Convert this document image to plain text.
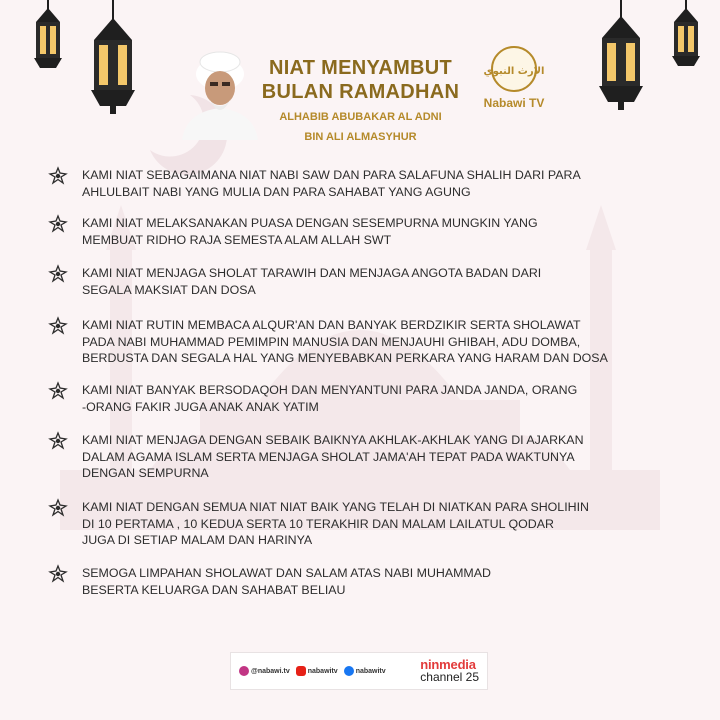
NIAT MENYAMBUT
BULAN RAMADHAN
ALHABIB ABUBAKAR AL ADNI
BIN ALI ALMASYHUR
الإرث النبوي
Nabawi TV
KAMI NIAT SEBAGAIMANA NIAT NABI SAW DAN PARA SALAFUNA SHALIH DARI PARA
AHLULBAIT NABI YANG MULIA DAN PARA SAHABAT YANG AGUNG
KAMI NIAT MELAKSANAKAN PUASA DENGAN SESEMPURNA MUNGKIN YANG
MEMBUAT RIDHO RAJA SEMESTA ALAM ALLAH SWT
KAMI NIAT MENJAGA SHOLAT TARAWIH DAN MENJAGA ANGOTA BADAN DARI
SEGALA MAKSIAT DAN DOSA
KAMI NIAT RUTIN MEMBACA ALQUR'AN DAN BANYAK BERDZIKIR SERTA SHOLAWAT
PADA NABI MUHAMMAD PEMIMPIN MANUSIA DAN MENJAUHI GHIBAH, ADU DOMBA,
BERDUSTA DAN SEGALA HAL YANG MENYEBABKAN PERKARA YANG HARAM DAN DOSA
KAMI NIAT BANYAK BERSODAQOH DAN MENYANTUNI PARA JANDA JANDA, ORANG
-ORANG FAKIR JUGA ANAK ANAK YATIM
KAMI NIAT MENJAGA DENGAN SEBAIK BAIKNYA AKHLAK-AKHLAK YANG DI AJARKAN
DALAM AGAMA ISLAM SERTA MENJAGA SHOLAT JAMA'AH TEPAT PADA WAKTUNYA
DENGAN SEMPURNA
KAMI NIAT DENGAN SEMUA NIAT NIAT BAIK YANG TELAH DI NIATKAN PARA SHOLIHIN
DI 10 PERTAMA , 10 KEDUA SERTA 10 TERAKHIR DAN MALAM LAILATUL QODAR
JUGA DI SETIAP MALAM DAN HARINYA
SEMOGA LIMPAHAN SHOLAWAT DAN SALAM ATAS NABI MUHAMMAD
BESERTA KELUARGA DAN SAHABAT BELIAU
@nabawi.tv	nabawitv	nabawitv	ninmedia
channel 25
